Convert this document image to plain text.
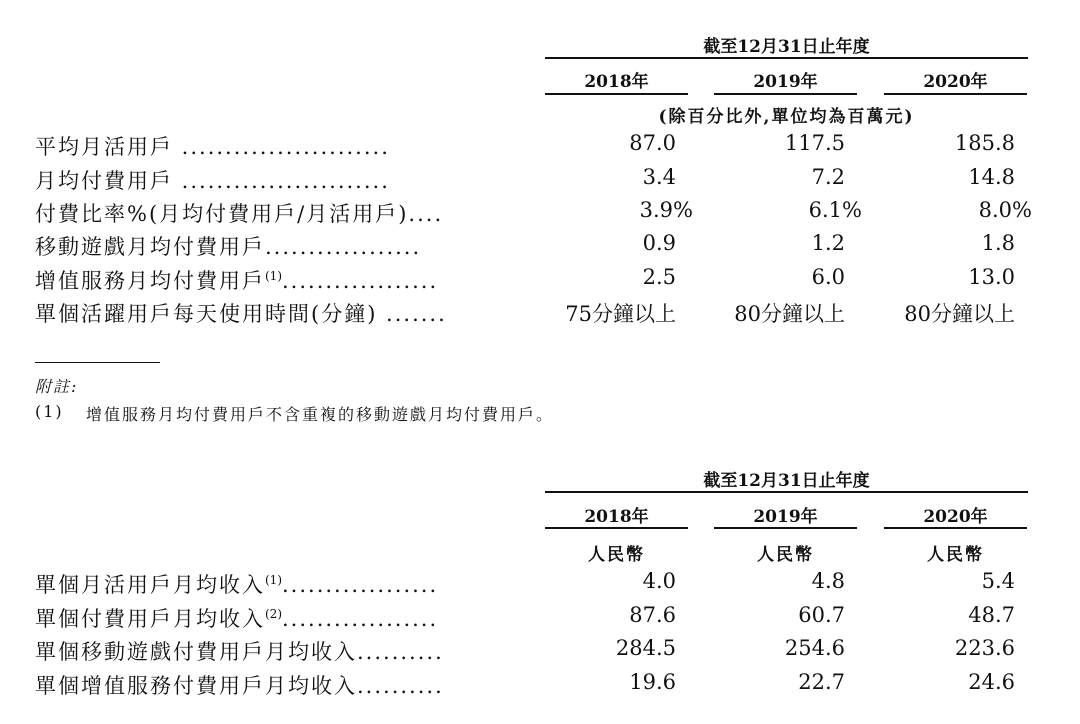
截至12月31日止年度
2018年	2019年	2020年
(除百分比外,單位均為百萬元)
平均月活用戶 ........................	87.0	117.5	185.8
月均付費用戶 ........................	3.4	7.2	14.8
付費比率%(月均付費用戶/月活用戶)....	3.9%	6.1%	8.0%
移動遊戲月均付費用戶..................	0.9	1.2	1.8
增值服務月均付費用戶$^{(1)}$..................	2.5	6.0	13.0
單個活躍用戶每天使用時間(分鐘) .......	75分鐘以上	80分鐘以上	80分鐘以上
附註:
(1) 增值服務月均付費用戶不含重複的移動遊戲月均付費用戶。
截至12月31日止年度
2018年	2019年	2020年
人民幣	人民幣	人民幣
單個月活用戶月均收入$^{(1)}$..................	4.0	4.8	5.4
單個付費用戶月均收入$^{(2)}$..................	87.6	60.7	48.7
單個移動遊戲付費用戶月均收入..........	284.5	254.6	223.6
單個增值服務付費用戶月均收入..........	19.6	22.7	24.6
